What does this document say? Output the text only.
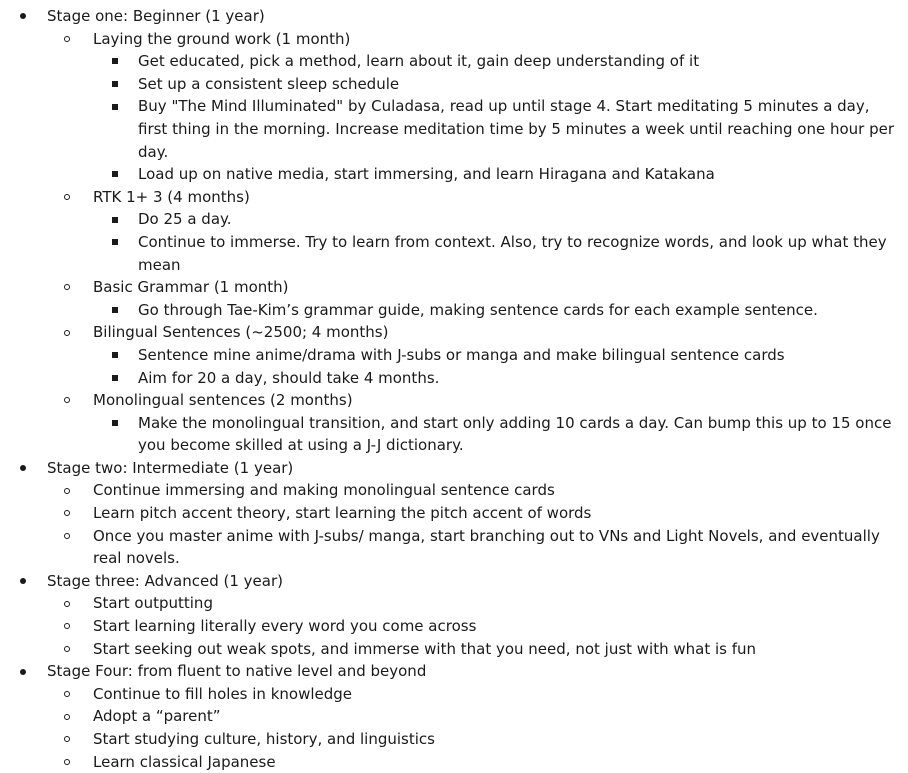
Stage one: Beginner (1 year)
Laying the ground work (1 month)
Get educated, pick a method, learn about it, gain deep understanding of it
Set up a consistent sleep schedule
Buy "The Mind Illuminated" by Culadasa, read up until stage 4. Start meditating 5 minutes a day, first thing in the morning. Increase meditation time by 5 minutes a week until reaching one hour per day.
Load up on native media, start immersing, and learn Hiragana and Katakana
RTK 1+ 3 (4 months)
Do 25 a day.
Continue to immerse. Try to learn from context. Also, try to recognize words, and look up what they mean
Basic Grammar (1 month)
Go through Tae-Kim’s grammar guide, making sentence cards for each example sentence.
Bilingual Sentences (~2500; 4 months)
Sentence mine anime/drama with J-subs or manga and make bilingual sentence cards
Aim for 20 a day, should take 4 months.
Monolingual sentences (2 months)
Make the monolingual transition, and start only adding 10 cards a day. Can bump this up to 15 once you become skilled at using a J-J dictionary.
Stage two: Intermediate (1 year)
Continue immersing and making monolingual sentence cards
Learn pitch accent theory, start learning the pitch accent of words
Once you master anime with J-subs/ manga, start branching out to VNs and Light Novels, and eventually real novels.
Stage three: Advanced (1 year)
Start outputting
Start learning literally every word you come across
Start seeking out weak spots, and immerse with that you need, not just with what is fun
Stage Four: from fluent to native level and beyond
Continue to fill holes in knowledge
Adopt a “parent”
Start studying culture, history, and linguistics
Learn classical Japanese
